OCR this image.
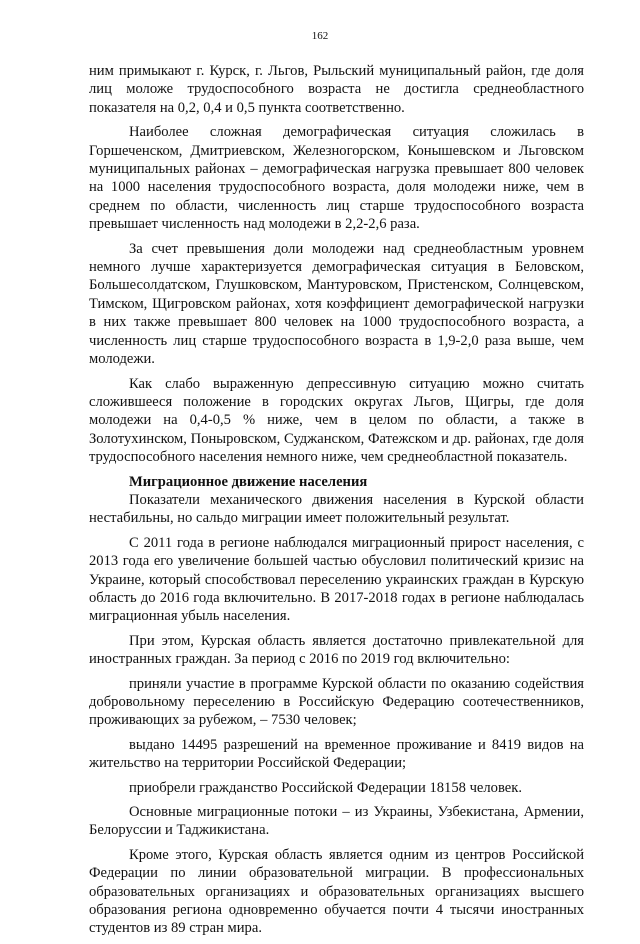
162

ним примыкают г. Курск, г. Льгов, Рыльский муниципальный район, где доля лиц моложе трудоспособного возраста не достигла среднеобластного показателя на 0,2, 0,4 и 0,5 пункта соответственно.

Наиболее сложная демографическая ситуация сложилась в Горшеченском, Дмитриевском, Железногорском, Конышевском и Льговском муниципальных районах – демографическая нагрузка превышает 800 человек на 1000 населения трудоспособного возраста, доля молодежи ниже, чем в среднем по области, численность лиц старше трудоспособного возраста превышает численность над молодежи в 2,2-2,6 раза.

За счет превышения доли молодежи над среднеобластным уровнем немного лучше характеризуется демографическая ситуация в Беловском, Большесолдатском, Глушковском, Мантуровском, Пристенском, Солнцевском, Тимском, Щигровском районах, хотя коэффициент демографической нагрузки в них также превышает 800 человек на 1000 трудоспособного возраста, а численность лиц старше трудоспособного возраста в 1,9-2,0 раза выше, чем молодежи.

Как слабо выраженную депрессивную ситуацию можно считать сложившееся положение в городских округах Льгов, Щигры, где доля молодежи на 0,4-0,5 % ниже, чем в целом по области, а также в Золотухинском, Поныровском, Суджанском, Фатежском и др. районах, где доля трудоспособного населения немного ниже, чем среднеобластной показатель.

Миграционное движение населения

Показатели механического движения населения в Курской области нестабильны, но сальдо миграции имеет положительный результат.

С 2011 года в регионе наблюдался миграционный прирост населения, с 2013 года его увеличение большей частью обусловил политический кризис на Украине, который способствовал переселению украинских граждан в Курскую область до 2016 года включительно. В 2017-2018 годах в регионе наблюдалась миграционная убыль населения.

При этом, Курская область является достаточно привлекательной для иностранных граждан. За период с 2016 по 2019 год включительно:

приняли участие в программе Курской области по оказанию содействия добровольному переселению в Российскую Федерацию соотечественников, проживающих за рубежом, – 7530 человек;

выдано 14495 разрешений на временное проживание и 8419 видов на жительство на территории Российской Федерации;

приобрели гражданство Российской Федерации 18158 человек.

Основные миграционные потоки – из Украины, Узбекистана, Армении, Белоруссии и Таджикистана.

Кроме этого, Курская область является одним из центров Российской Федерации по линии образовательной миграции. В профессиональных образовательных организациях и образовательных организациях высшего образования региона одновременно обучается почти 4 тысячи иностранных студентов из 89 стран мира.
